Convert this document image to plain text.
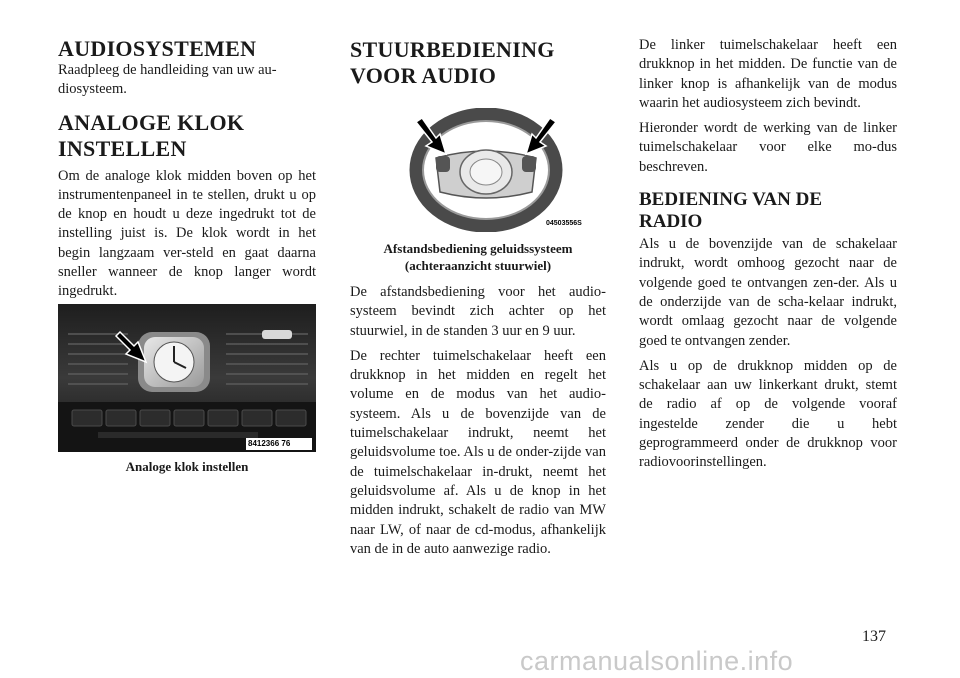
AUDIOSYSTEMEN

Raadpleeg de handleiding van uw au-diosysteem.

ANALOGE KLOK
INSTELLEN

Om de analoge klok midden boven op het instrumentenpaneel in te stellen, drukt u op de knop en houdt u deze ingedrukt tot de instelling juist is. De klok wordt in het begin langzaam ver-steld en gaat daarna sneller wanneer de knop langer wordt ingedrukt.

8412366 76
Analoge klok instellen
STUURBEDIENING
VOOR AUDIO
04503556S
Afstandsbediening geluidssysteem
(achteraanzicht stuurwiel)

De afstandsbediening voor het audio-systeem bevindt zich achter op het stuurwiel, in de standen 3 uur en 9 uur.

De rechter tuimelschakelaar heeft een drukknop in het midden en regelt het volume en de modus van het audio-systeem. Als u de bovenzijde van de tuimelschakelaar indrukt, neemt het geluidsvolume toe. Als u de onder-zijde van de tuimelschakelaar in-drukt, neemt het geluidsvolume af. Als u de knop in het midden indrukt, schakelt de radio van MW naar LW, of naar de cd-modus, afhankelijk van de in de auto aanwezige radio.

De linker tuimelschakelaar heeft een drukknop in het midden. De functie van de linker knop is afhankelijk van de modus waarin het audiosysteem zich bevindt.

Hieronder wordt de werking van de linker tuimelschakelaar voor elke mo-dus beschreven.

BEDIENING VAN DE
RADIO

Als u de bovenzijde van de schakelaar indrukt, wordt omhoog gezocht naar de volgende goed te ontvangen zen-der. Als u de onderzijde van de scha-kelaar indrukt, wordt omlaag gezocht naar de volgende goed te ontvangen zender.

Als u op de drukknop midden op de schakelaar aan uw linkerkant drukt, stemt de radio af op de volgende vooraf ingestelde zender die u hebt geprogrammeerd onder de drukknop voor radiovoorinstellingen.

137
carmanualsonline.info
